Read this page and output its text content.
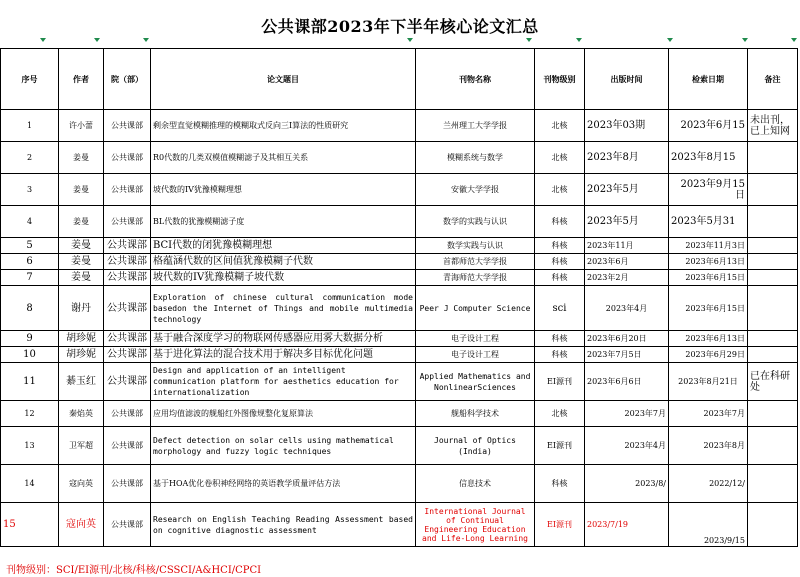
公共课部2023年下半年核心论文汇总
序号	作者	院（部）	论文题目	刊物名称	刊物级别	出版时间	检索日期	备注
1	许小蕾	公共课部	剩余型直觉模糊推理的模糊取式反向三I算法的性质研究	兰州理工大学学报	北核	2023年03期	2023年6月15	未出刊，已上知网
2	姜曼	公共课部	R0代数的几类双模值模糊滤子及其相互关系	模糊系统与数学	北核	2023年8月	2023年8月15	
3	姜曼	公共课部	坡代数的IV犹豫模糊理想	安徽大学学报	北核	2023年5月	2023年9月15日	
4	姜曼	公共课部	BL代数的犹豫模糊滤子度	数学的实践与认识	科核	2023年5月	2023年5月31	
5	姜曼	公共课部	BCI代数的闭犹豫模糊理想	数学实践与认识	科核	2023年11月	2023年11月3日	
6	姜曼	公共课部	格蕴涵代数的区间值犹豫模糊子代数	首都师范大学学报	科核	2023年6月	2023年6月13日	
7	姜曼	公共课部	坡代数的IV犹豫模糊子坡代数	青海师范大学学报	科核	2023年2月	2023年6月15日	
8	谢丹	公共课部	Exploration of chinese cultural communication mode basedon the Internet of Things and mobile multimedia technology	Peer J Computer Science	sci	2023年4月	2023年6月15日	
9	胡珍妮	公共课部	基于融合深度学习的物联网传感器应用雾大数据分析	电子设计工程	科核	2023年6月20日	2023年6月13日	
10	胡珍妮	公共课部	基于进化算法的混合技术用于解决多目标优化问题	电子设计工程	科核	2023年7月5日	2023年6月29日	
11	綦玉红	公共课部	Design and application of an intelligent communication platform for aesthetics education for internationalization	Applied Mathematics and NonlinearSciences	EI源刊	2023年6月6日	2023年8月21日	已在科研处
12	秦焰英	公共课部	应用均值滤波的舰船红外图像规整化复原算法	舰船科学技术	北核	2023年7月	2023年7月	
13	卫军超	公共课部	Defect detection on solar cells using mathematical morphology and fuzzy logic techniques	Journal of Optics (India)	EI源刊	2023年4月	2023年8月	
14	寇向英	公共课部	基于HOA优化卷积神经网络的英语教学质量评估方法	信息技术	科核	2023/8/	2022/12/	
15	寇向英	公共课部	Research on English Teaching Reading Assessment based on cognitive diagnostic assessment	International Journal of Continual Engineering Education and Life-Long Learning	EI源刊	2023/7/19	2023/9/15	
刊物级别：SCI/EI源刊/北核/科核/CSSCI/A&HCI/CPCI
